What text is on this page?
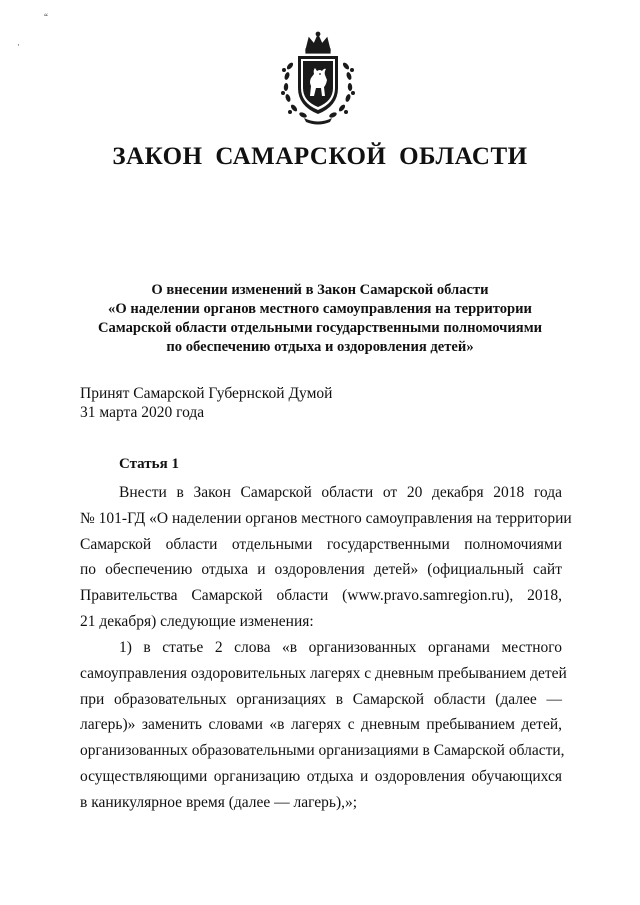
“
·
ЗАКОН САМАРСКОЙ ОБЛАСТИ
О внесении изменений в Закон Самарской области
«О наделении органов местного самоуправления на территории
Самарской области отдельными государственными полномочиями
по обеспечению отдыха и оздоровления детей»
Принят Самарской Губернской Думой
31 марта 2020 года
Статья 1
Внести в Закон Самарской области от 20 декабря 2018 года
№ 101-ГД «О наделении органов местного самоуправления на территории
Самарской области отдельными государственными полномочиями
по обеспечению отдыха и оздоровления детей» (официальный сайт
Правительства Самарской области (www.pravo.samregion.ru), 2018,
21 декабря) следующие изменения:
1) в статье 2 слова «в организованных органами местного
самоуправления оздоровительных лагерях с дневным пребыванием детей
при образовательных организациях в Самарской области (далее —
лагерь)» заменить словами «в лагерях с дневным пребыванием детей,
организованных образовательными организациями в Самарской области,
осуществляющими организацию отдыха и оздоровления обучающихся
в каникулярное время (далее — лагерь),»;
